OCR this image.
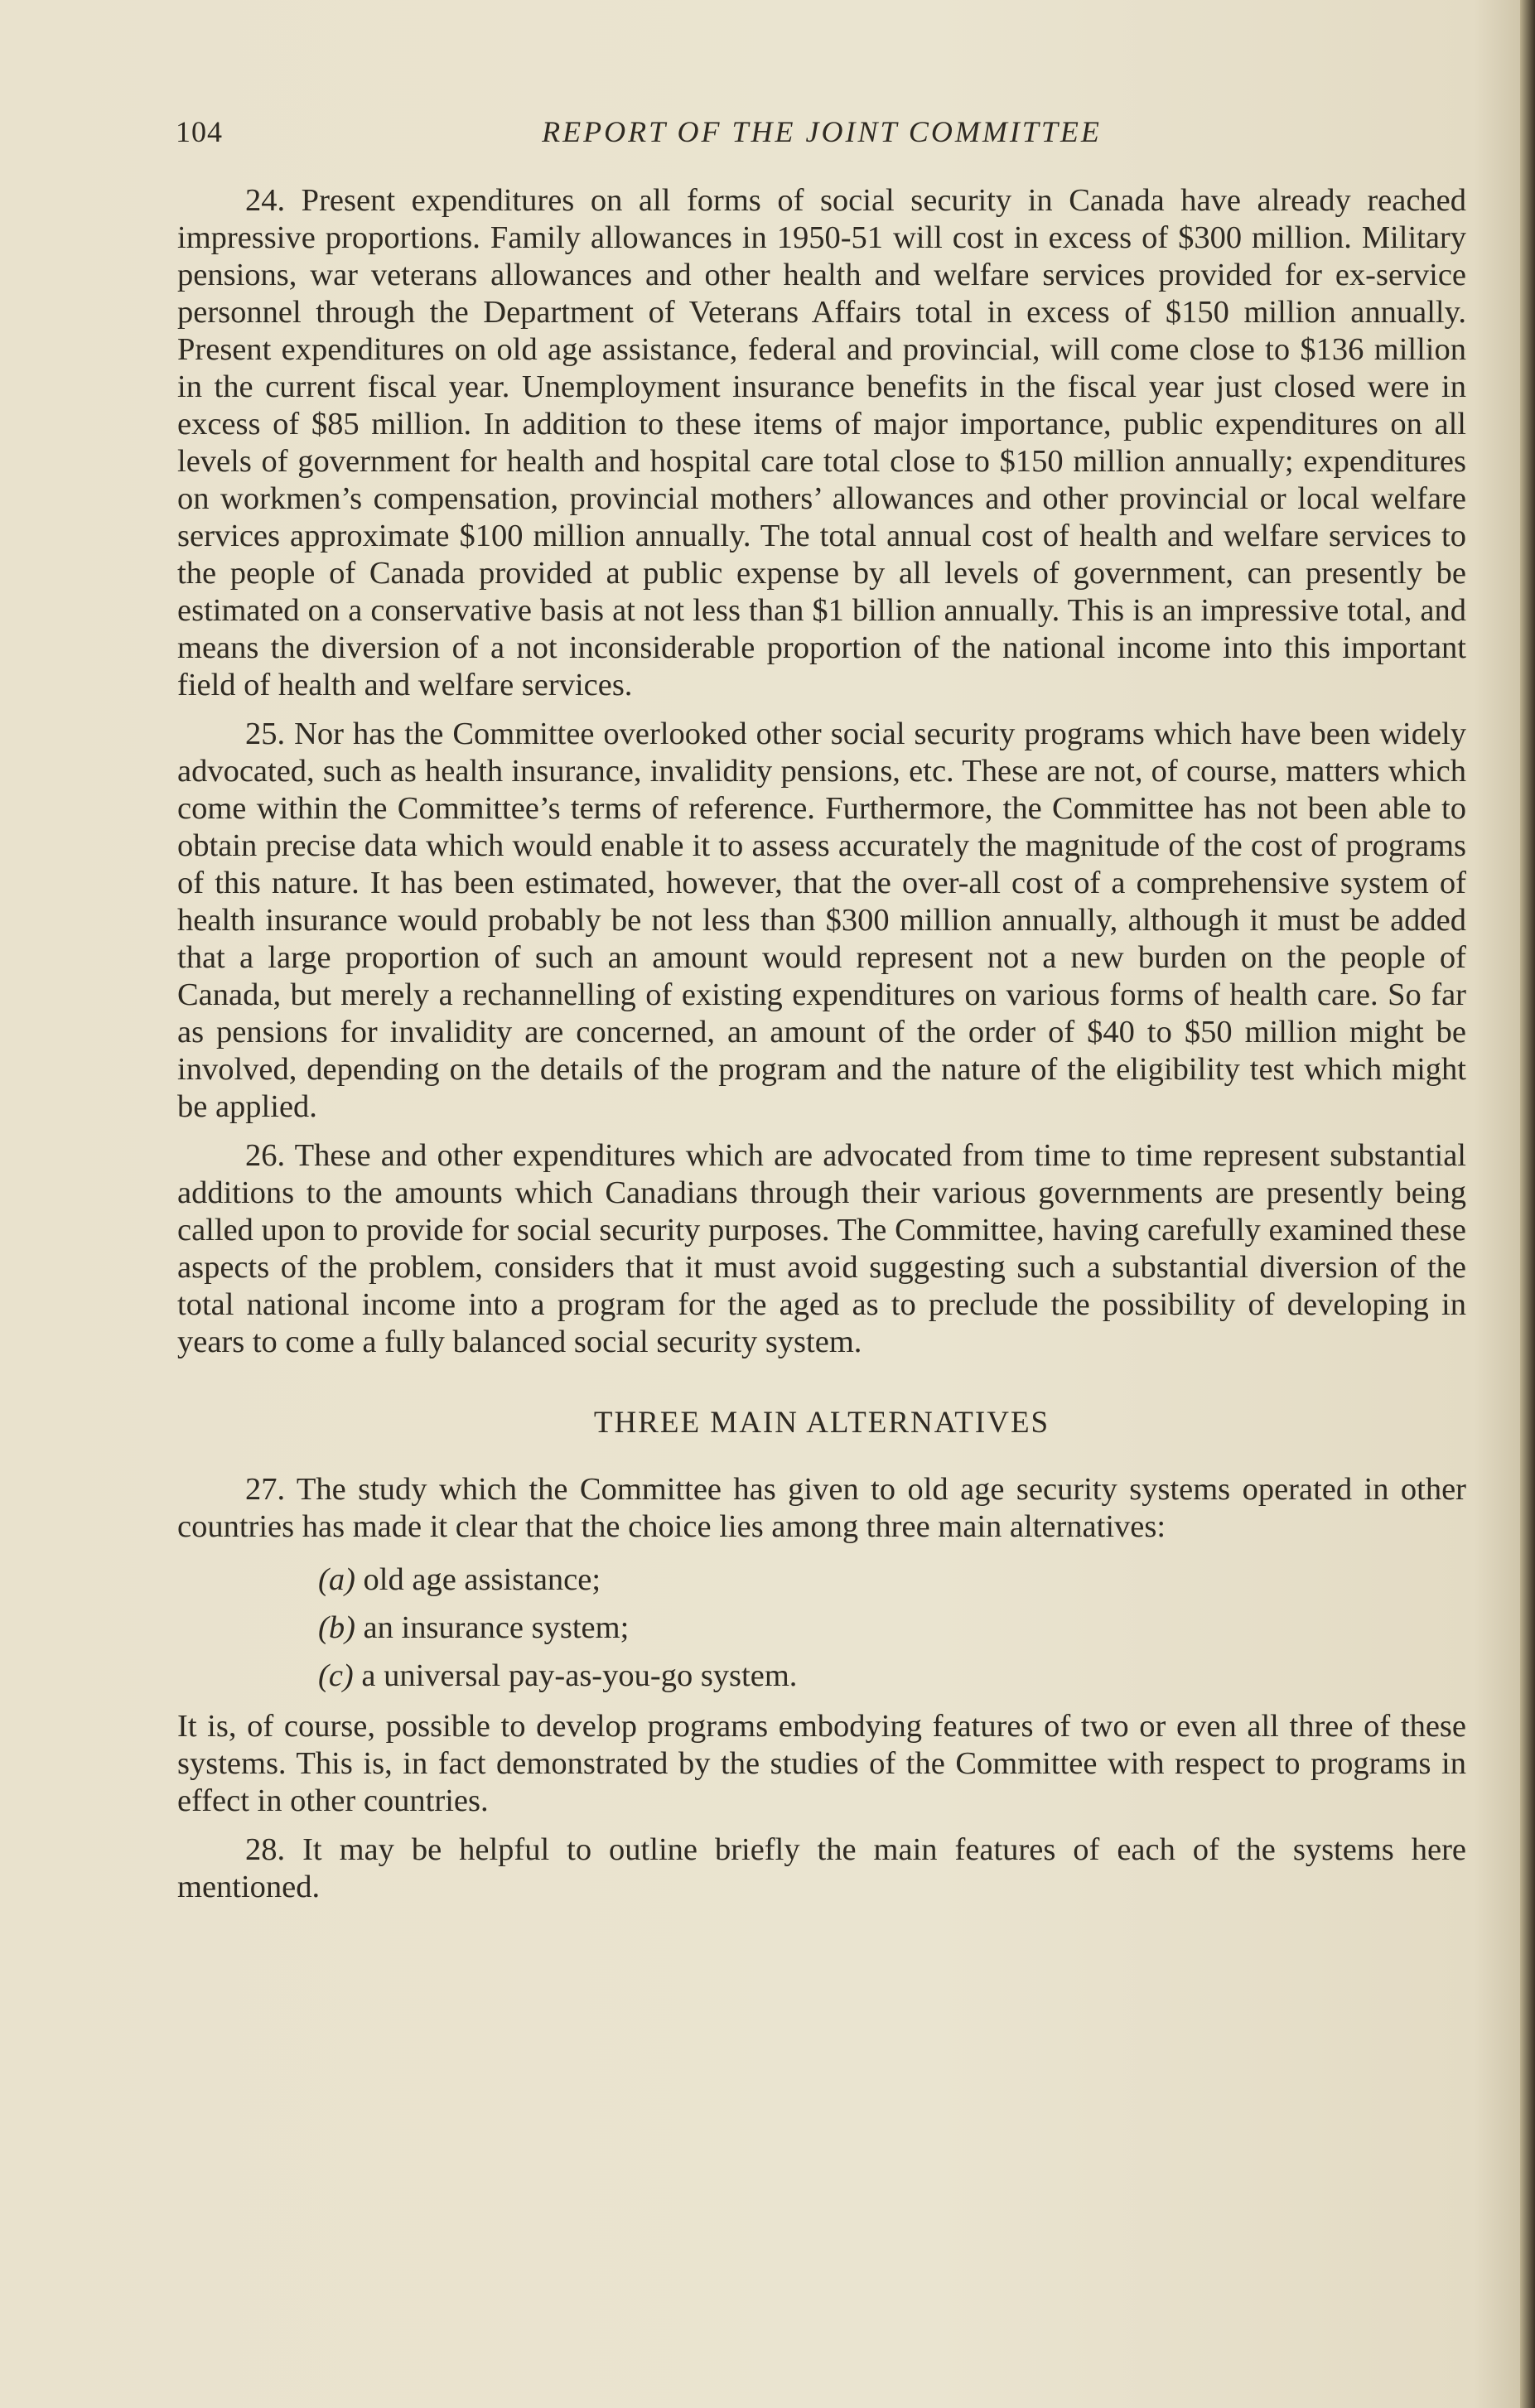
104	REPORT OF THE JOINT COMMITTEE

24. Present expenditures on all forms of social security in Canada have already reached impressive proportions. Family allowances in 1950-51 will cost in excess of $300 million. Military pensions, war veterans allowances and other health and welfare services provided for ex-service personnel through the Department of Veterans Affairs total in excess of $150 million annually. Present expenditures on old age assistance, federal and provincial, will come close to $136 million in the current fiscal year. Unemployment insurance benefits in the fiscal year just closed were in excess of $85 million. In addition to these items of major importance, public expenditures on all levels of government for health and hospital care total close to $150 million annually; expenditures on workmen’s compensation, provincial mothers’ allowances and other provincial or local welfare services approximate $100 million annually. The total annual cost of health and welfare services to the people of Canada provided at public expense by all levels of government, can presently be estimated on a conservative basis at not less than $1 billion annually. This is an impressive total, and means the diversion of a not inconsiderable proportion of the national income into this important field of health and welfare services.

25. Nor has the Committee overlooked other social security programs which have been widely advocated, such as health insurance, invalidity pensions, etc. These are not, of course, matters which come within the Committee’s terms of reference. Furthermore, the Committee has not been able to obtain precise data which would enable it to assess accurately the magnitude of the cost of programs of this nature. It has been estimated, however, that the over-all cost of a comprehensive system of health insurance would probably be not less than $300 million annually, although it must be added that a large proportion of such an amount would represent not a new burden on the people of Canada, but merely a rechannelling of existing expenditures on various forms of health care. So far as pensions for invalidity are concerned, an amount of the order of $40 to $50 million might be involved, depending on the details of the program and the nature of the eligibility test which might be applied.

26. These and other expenditures which are advocated from time to time represent substantial additions to the amounts which Canadians through their various governments are presently being called upon to provide for social security purposes. The Committee, having carefully examined these aspects of the problem, considers that it must avoid suggesting such a substantial diversion of the total national income into a program for the aged as to preclude the possibility of developing in years to come a fully balanced social security system.

THREE MAIN ALTERNATIVES

27. The study which the Committee has given to old age security systems operated in other countries has made it clear that the choice lies among three main alternatives:

(a) old age assistance;
(b) an insurance system;
(c) a universal pay-as-you-go system.

It is, of course, possible to develop programs embodying features of two or even all three of these systems. This is, in fact demonstrated by the studies of the Committee with respect to programs in effect in other countries.

28. It may be helpful to outline briefly the main features of each of the systems here mentioned.
